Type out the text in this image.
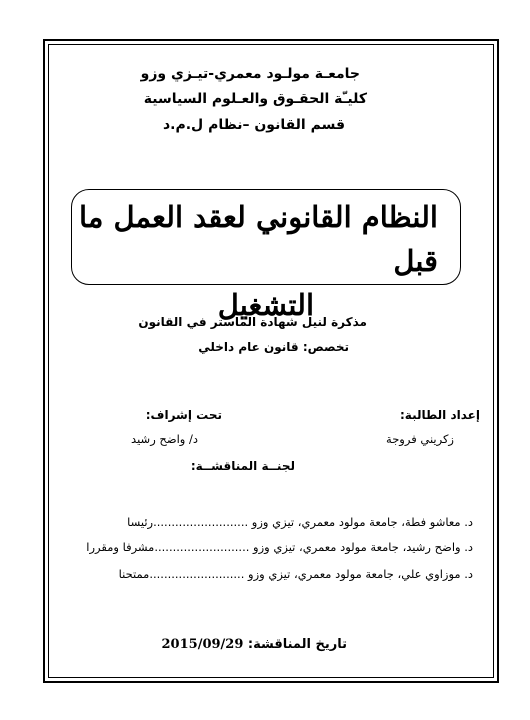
جامعـة مولـود معمري-تيـزي وزو
كليـّة الحقـوق والعـلوم السياسية
قسم القانون –نظام ل.م.د
النظام القانوني لعقد العمل ما قبل
التشغيل
مذكرة لنيل شهادة الماستر في القانون
تخصص: قانون عام داخلي
إعداد الطالبة:
تحت إشراف:
زكريني فروجة
د/ واضح رشيد
لجنــة المناقشــة:
د. معاشو فطة، جامعة مولود معمري، تيزي وزو ..........................رئيسا
د. واضح رشيد، جامعة مولود معمري، تيزي وزو ..........................مشرفا ومقررا
د. موزاوي علي، جامعة مولود معمري، تيزي وزو ..........................ممتحنا
تاريخ المناقشة: 2015/09/29
